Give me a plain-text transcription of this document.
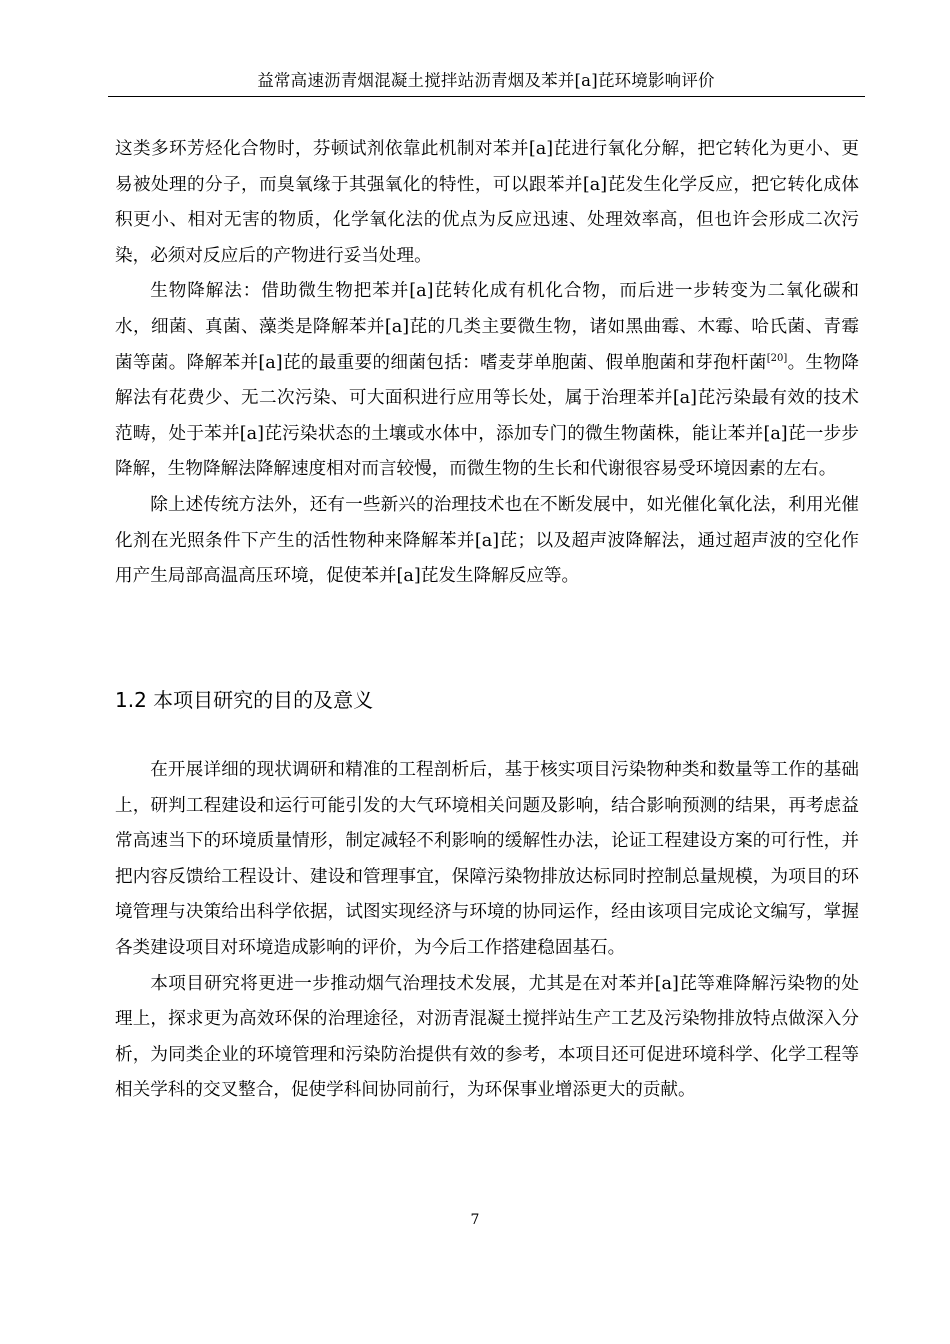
益常高速沥青烟混凝土搅拌站沥青烟及苯并[a]芘环境影响评价

这类多环芳烃化合物时，芬顿试剂依靠此机制对苯并[a]芘进行氧化分解，把它转化为更小、更易被处理的分子，而臭氧缘于其强氧化的特性，可以跟苯并[a]芘发生化学反应，把它转化成体积更小、相对无害的物质，化学氧化法的优点为反应迅速、处理效率高，但也许会形成二次污染，必须对反应后的产物进行妥当处理。

生物降解法：借助微生物把苯并[a]芘转化成有机化合物，而后进一步转变为二氧化碳和水，细菌、真菌、藻类是降解苯并[a]芘的几类主要微生物，诸如黑曲霉、木霉、哈氏菌、青霉菌等菌。降解苯并[a]芘的最重要的细菌包括：嗜麦芽单胞菌、假单胞菌和芽孢杆菌[20]。生物降解法有花费少、无二次污染、可大面积进行应用等长处，属于治理苯并[a]芘污染最有效的技术范畴，处于苯并[a]芘污染状态的土壤或水体中，添加专门的微生物菌株，能让苯并[a]芘一步步降解，生物降解法降解速度相对而言较慢，而微生物的生长和代谢很容易受环境因素的左右。

除上述传统方法外，还有一些新兴的治理技术也在不断发展中，如光催化氧化法，利用光催化剂在光照条件下产生的活性物种来降解苯并[a]芘；以及超声波降解法，通过超声波的空化作用产生局部高温高压环境，促使苯并[a]芘发生降解反应等。

1.2 本项目研究的目的及意义

在开展详细的现状调研和精准的工程剖析后，基于核实项目污染物种类和数量等工作的基础上，研判工程建设和运行可能引发的大气环境相关问题及影响，结合影响预测的结果，再考虑益常高速当下的环境质量情形，制定减轻不利影响的缓解性办法，论证工程建设方案的可行性，并把内容反馈给工程设计、建设和管理事宜，保障污染物排放达标同时控制总量规模，为项目的环境管理与决策给出科学依据，试图实现经济与环境的协同运作，经由该项目完成论文编写，掌握各类建设项目对环境造成影响的评价，为今后工作搭建稳固基石。

本项目研究将更进一步推动烟气治理技术发展，尤其是在对苯并[a]芘等难降解污染物的处理上，探求更为高效环保的治理途径，对沥青混凝土搅拌站生产工艺及污染物排放特点做深入分析，为同类企业的环境管理和污染防治提供有效的参考，本项目还可促进环境科学、化学工程等相关学科的交叉整合，促使学科间协同前行，为环保事业增添更大的贡献。

7
